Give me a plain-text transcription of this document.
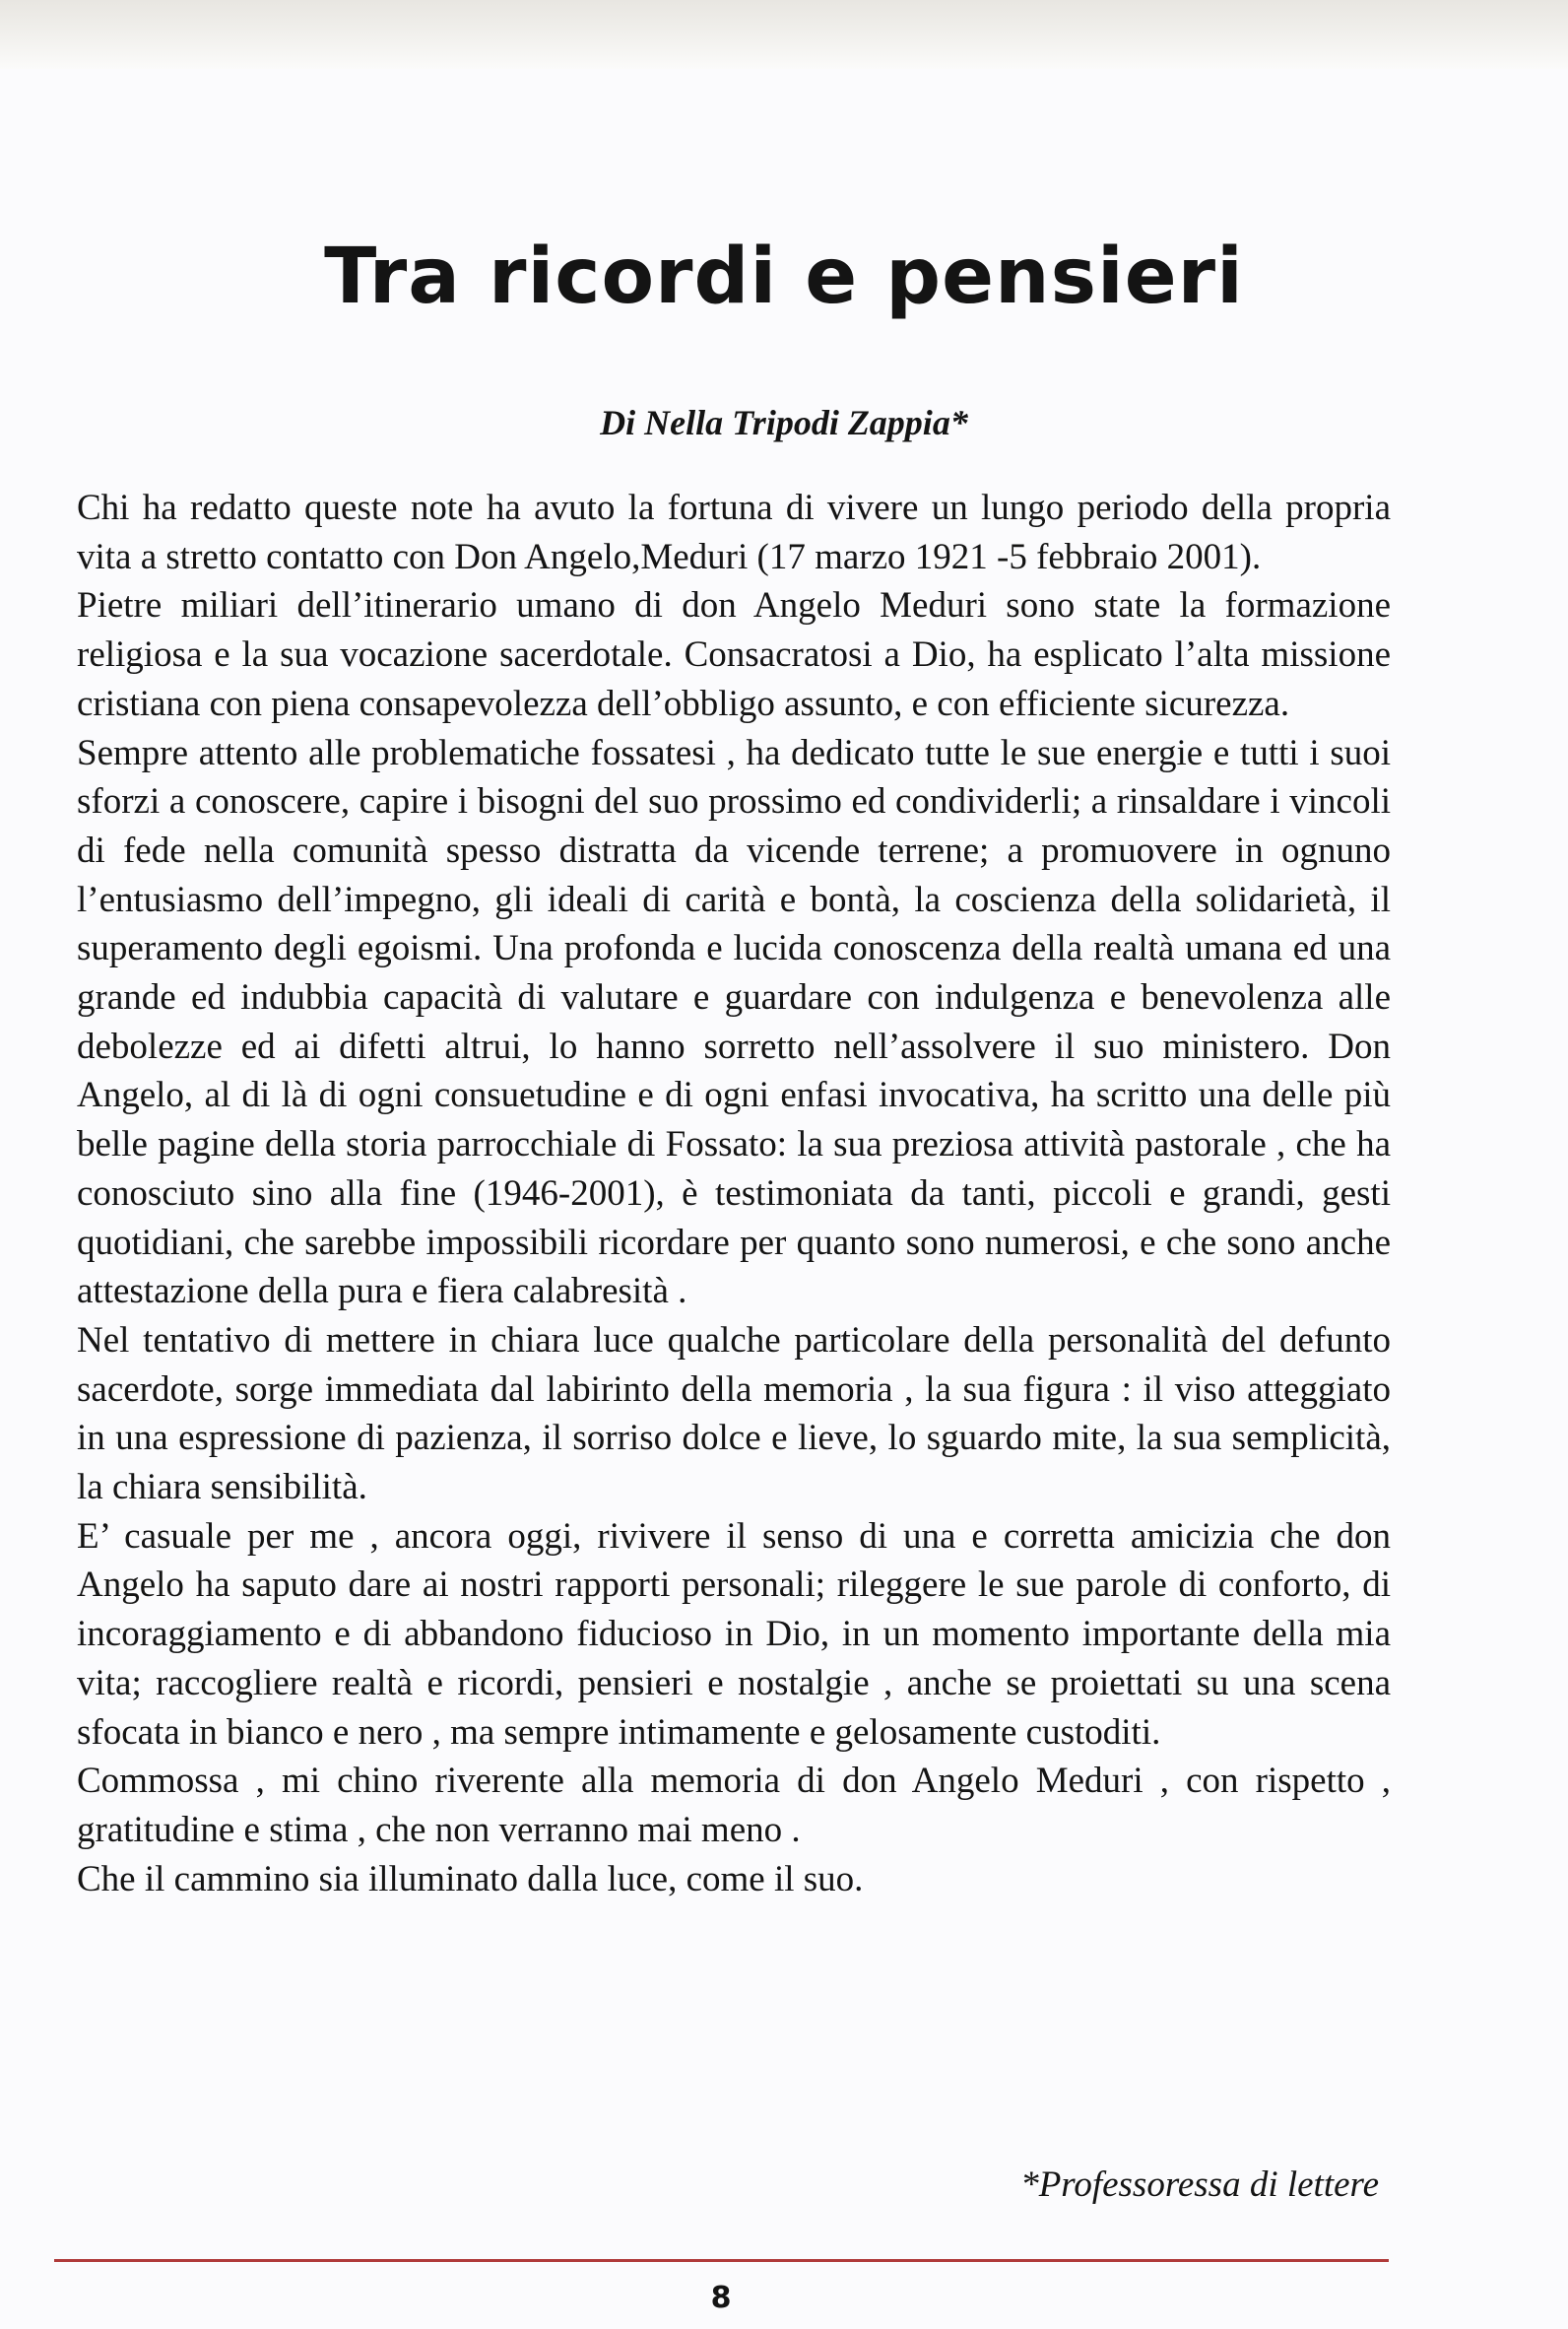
Tra ricordi e pensieri
Di Nella Tripodi Zappia*

Chi ha redatto queste note ha avuto la fortuna di vivere un lungo periodo della propria vita a stretto contatto con Don Angelo,Meduri (17 marzo 1921 -5 febbraio 2001).

Pietre miliari dell’itinerario umano di don Angelo Meduri sono state la formazione religiosa e la sua vocazione sacerdotale. Consacratosi a Dio, ha esplicato l’alta missione cristiana con piena consapevolezza dell’obbligo assunto, e con efficiente sicurezza.

Sempre attento alle problematiche fossatesi , ha dedicato tutte le sue energie e tutti i suoi sforzi a conoscere, capire i bisogni del suo prossimo ed condividerli; a rinsaldare i vincoli di fede nella comunità spesso distratta da vicende terrene; a promuovere in ognuno l’entusiasmo dell’impegno, gli ideali di carità e bontà, la coscienza della solidarietà, il superamento degli egoismi. Una profonda e lucida conoscenza della realtà umana ed una grande ed indubbia capacità di valutare e guardare con indulgenza e benevolenza alle debolezze ed ai difetti altrui, lo hanno sorretto nell’assolvere il suo ministero. Don Angelo, al di là di ogni consuetudine e di ogni enfasi invocativa, ha scritto una delle più belle pagine della storia parrocchiale di Fossato: la sua preziosa attività pastorale , che ha conosciuto sino alla fine (1946-2001), è testimoniata da tanti, piccoli e grandi, gesti quotidiani, che sarebbe impossibili ricordare per quanto sono numerosi, e che sono anche attestazione della pura e fiera calabresità .

Nel tentativo di mettere in chiara luce qualche particolare della personalità del defunto sacerdote, sorge immediata dal labirinto della memoria , la sua figura : il viso atteggiato in una espressione di pazienza, il sorriso dolce e lieve, lo sguardo mite, la sua semplicità, la chiara sensibilità.

E’ casuale per me , ancora oggi, rivivere il senso di una e corretta amicizia che don Angelo ha saputo dare ai nostri rapporti personali; rileggere le sue parole di conforto, di incoraggiamento e di abbandono fiducioso in Dio, in un momento importante della mia vita; raccogliere realtà e ricordi, pensieri e nostalgie , anche se proiettati su una scena sfocata in bianco e nero , ma sempre intimamente e gelosamente custoditi.

Commossa , mi chino riverente alla memoria di don Angelo Meduri , con rispetto , gratitudine e stima , che non verranno mai meno .

Che il cammino sia illuminato dalla luce, come il suo.

*Professoressa di lettere
8
